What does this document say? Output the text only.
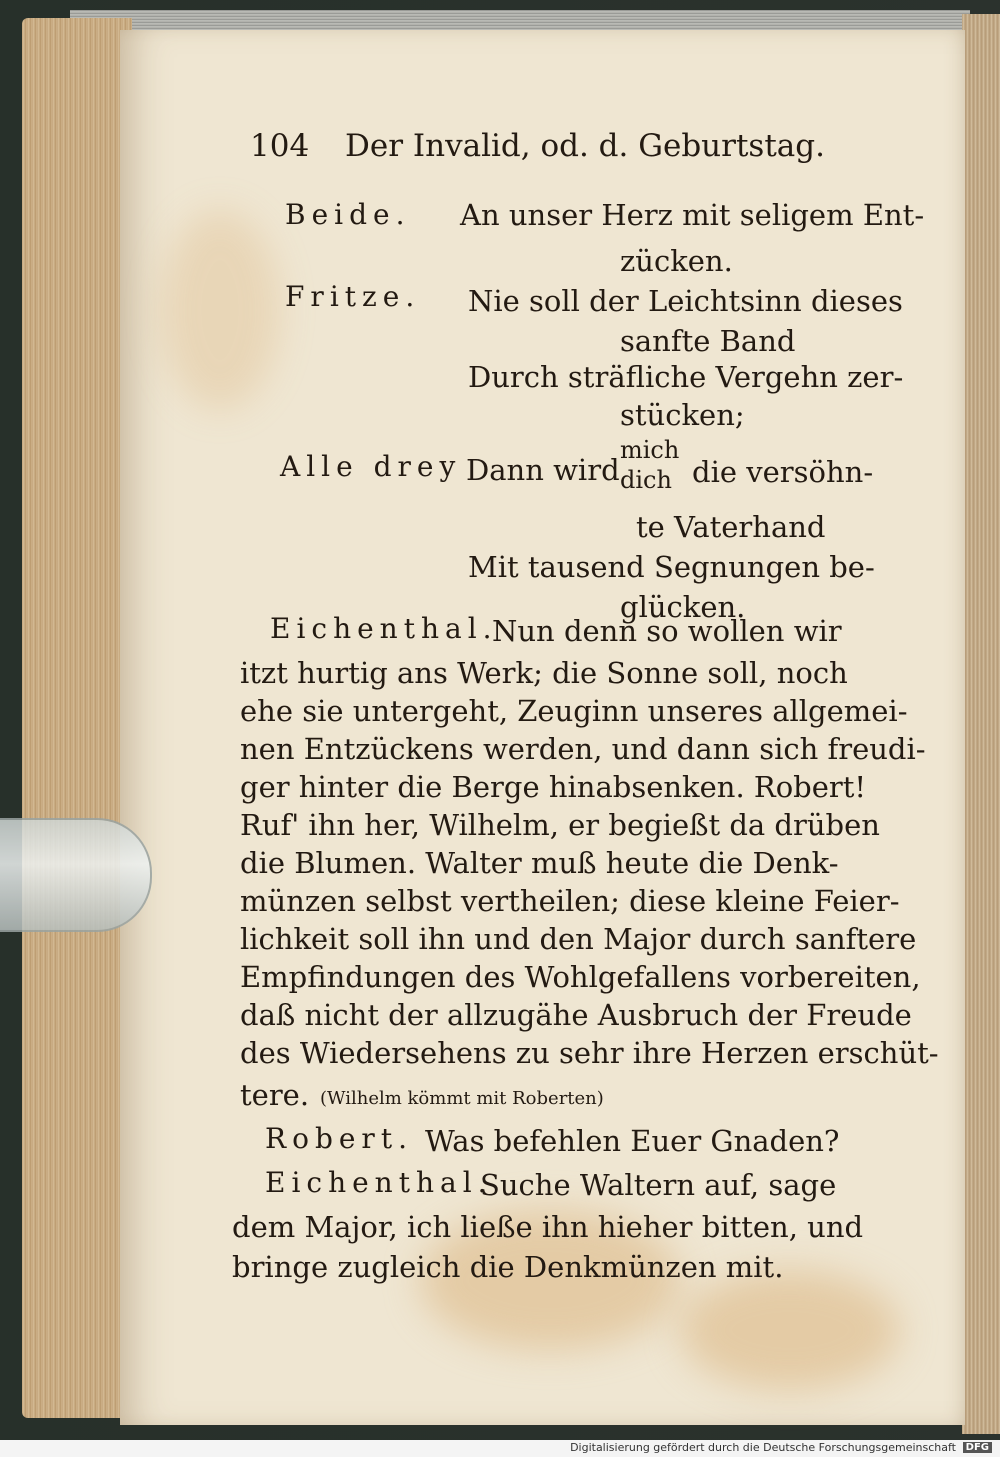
104 Der Invalid, od. d. Geburtstag.
Beide. An unser Herz mit seligem Ent-
zücken.
Fritze. Nie soll der Leichtsinn dieses
sanfte Band
Durch sträfliche Vergehn zer-
stücken;
Alle drey Dann wird
mich
dich die versöhn-
te Vaterhand
Mit tausend Segnungen be-
glücken.
Eichenthal.
Nun denn so wollen wir
itzt hurtig ans Werk; die Sonne soll, noch
ehe sie untergeht, Zeuginn unseres allgemei-
nen Entzückens werden, und dann sich freudi-
ger hinter die Berge hinabsenken. Robert!
Ruf' ihn her, Wilhelm, er begießt da drüben
die Blumen. Walter muß heute die Denk-
münzen selbst vertheilen; diese kleine Feier-
lichkeit soll ihn und den Major durch sanftere
Empfindungen des Wohlgefallens vorbereiten,
daß nicht der allzugähe Ausbruch der Freude
des Wiedersehens zu sehr ihre Herzen erschüt-
tere. (Wilhelm kömmt mit Roberten)
Robert. Was befehlen Euer Gnaden?
Eichenthal.
Suche Waltern auf, sage
dem Major, ich ließe ihn hieher bitten, und
bringe zugleich die Denkmünzen mit.
Digitalisierung gefördert durch die Deutsche Forschungsgemeinschaft DFG
